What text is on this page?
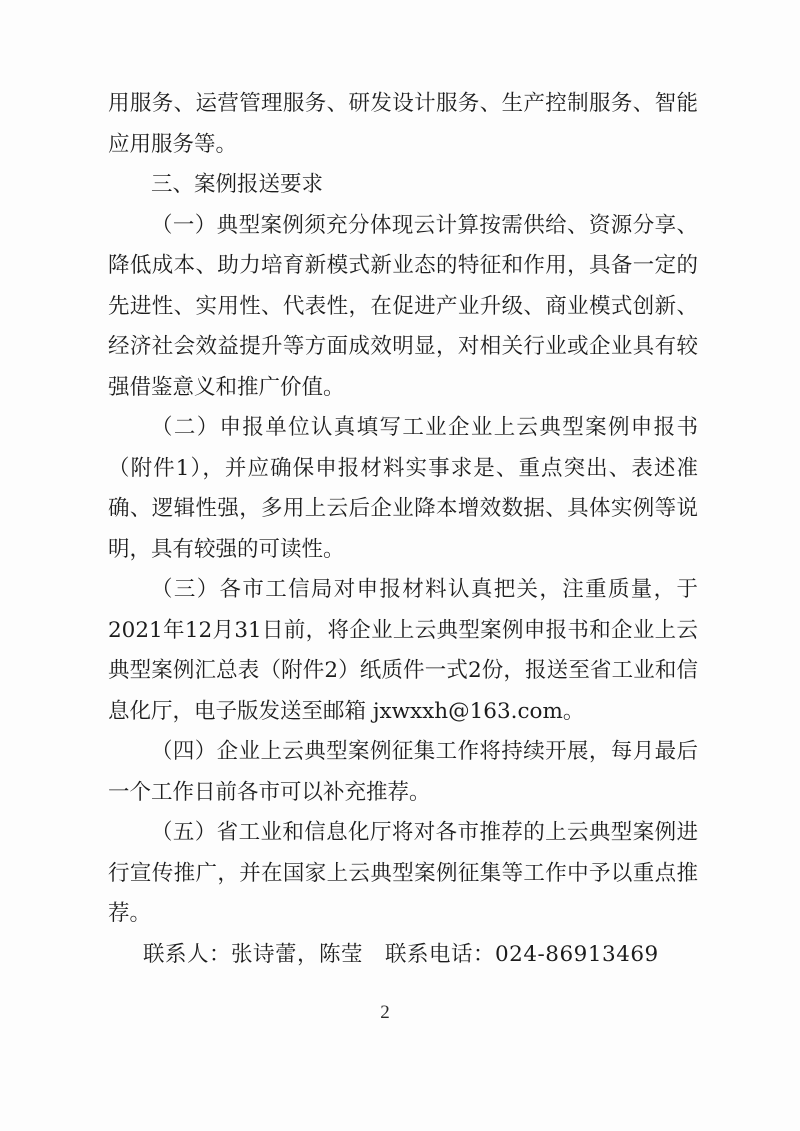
用服务、运营管理服务、研发设计服务、生产控制服务、智能应用服务等。

三、案例报送要求

（一）典型案例须充分体现云计算按需供给、资源分享、降低成本、助力培育新模式新业态的特征和作用，具备一定的先进性、实用性、代表性，在促进产业升级、商业模式创新、经济社会效益提升等方面成效明显，对相关行业或企业具有较强借鉴意义和推广价值。

（二）申报单位认真填写工业企业上云典型案例申报书（附件1），并应确保申报材料实事求是、重点突出、表述准确、逻辑性强，多用上云后企业降本增效数据、具体实例等说明，具有较强的可读性。

（三）各市工信局对申报材料认真把关，注重质量，于2021年12月31日前，将企业上云典型案例申报书和企业上云典型案例汇总表（附件2）纸质件一式2份，报送至省工业和信息化厅，电子版发送至邮箱 jxwxxh@163.com。

（四）企业上云典型案例征集工作将持续开展，每月最后一个工作日前各市可以补充推荐。

（五）省工业和信息化厅将对各市推荐的上云典型案例进行宣传推广，并在国家上云典型案例征集等工作中予以重点推荐。

联系人：张诗蕾，陈莹　联系电话：024-86913469

2
